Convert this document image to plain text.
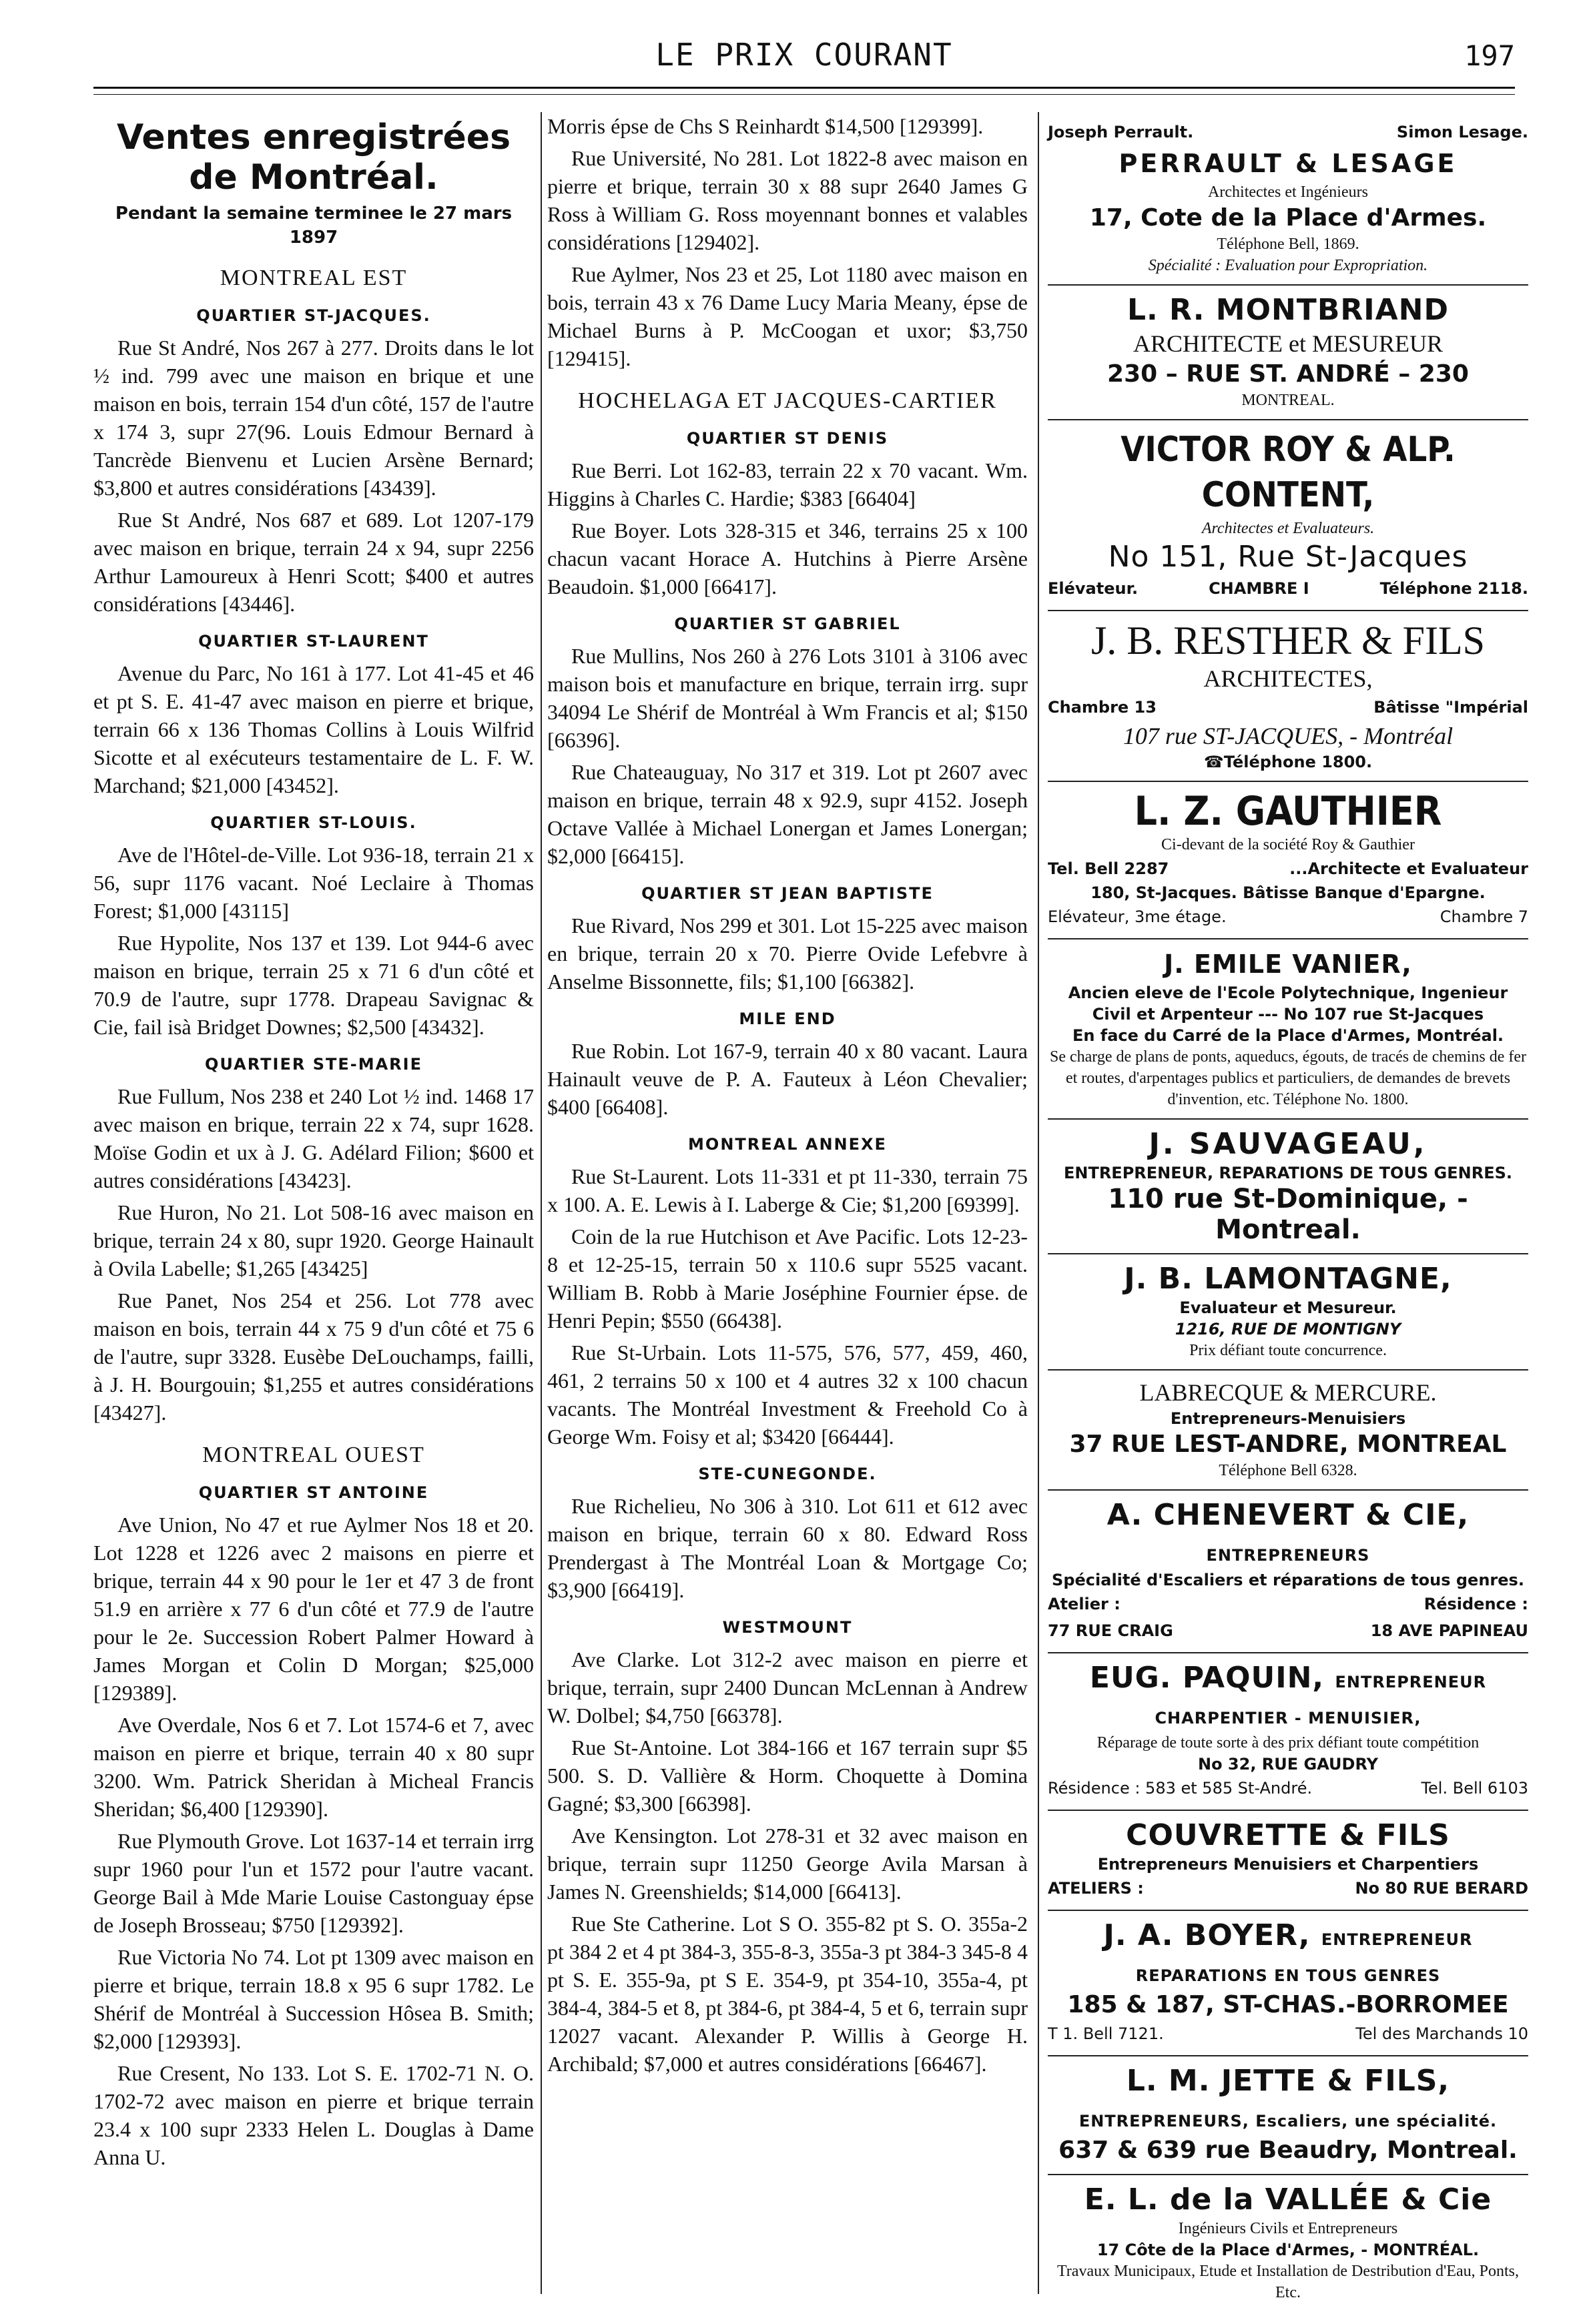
LE PRIX COURANT	197
Ventes enregistrées de Montréal.
Pendant la semaine terminee le 27 mars 1897
MONTREAL EST
QUARTIER ST-JACQUES.

Rue St André, Nos 267 à 277. Droits dans le lot ½ ind. 799 avec une maison en brique et une maison en bois, terrain 154 d'un côté, 157 de l'autre x 174 3, supr 27(96. Louis Edmour Bernard à Tancrède Bienvenu et Lucien Arsène Bernard; $3,800 et autres considérations [43439].

Rue St André, Nos 687 et 689. Lot 1207-179 avec maison en brique, terrain 24 x 94, supr 2256 Arthur Lamoureux à Henri Scott; $400 et autres considérations [43446].

QUARTIER ST-LAURENT

Avenue du Parc, No 161 à 177. Lot 41-45 et 46 et pt S. E. 41-47 avec maison en pierre et brique, terrain 66 x 136 Thomas Collins à Louis Wilfrid Sicotte et al exécuteurs testamentaire de L. F. W. Marchand; $21,000 [43452].

QUARTIER ST-LOUIS.

Ave de l'Hôtel-de-Ville. Lot 936-18, terrain 21 x 56, supr 1176 vacant. Noé Leclaire à Thomas Forest; $1,000 [43115]

Rue Hypolite, Nos 137 et 139. Lot 944-6 avec maison en brique, terrain 25 x 71 6 d'un côté et 70.9 de l'autre, supr 1778. Drapeau Savignac & Cie, fail isà Bridget Downes; $2,500 [43432].

QUARTIER STE-MARIE

Rue Fullum, Nos 238 et 240 Lot ½ ind. 1468 17 avec maison en brique, terrain 22 x 74, supr 1628. Moïse Godin et ux à J. G. Adélard Filion; $600 et autres considérations [43423].

Rue Huron, No 21. Lot 508-16 avec maison en brique, terrain 24 x 80, supr 1920. George Hainault à Ovila Labelle; $1,265 [43425]

Rue Panet, Nos 254 et 256. Lot 778 avec maison en bois, terrain 44 x 75 9 d'un côté et 75 6 de l'autre, supr 3328. Eusèbe DeLouchamps, failli, à J. H. Bourgouin; $1,255 et autres considérations [43427].

MONTREAL OUEST
QUARTIER ST ANTOINE

Ave Union, No 47 et rue Aylmer Nos 18 et 20. Lot 1228 et 1226 avec 2 maisons en pierre et brique, terrain 44 x 90 pour le 1er et 47 3 de front 51.9 en arrière x 77 6 d'un côté et 77.9 de l'autre pour le 2e. Succession Robert Palmer Howard à James Morgan et Colin D Morgan; $25,000 [129389].

Ave Overdale, Nos 6 et 7. Lot 1574-6 et 7, avec maison en pierre et brique, terrain 40 x 80 supr 3200. Wm. Patrick Sheridan à Micheal Francis Sheridan; $6,400 [129390].

Rue Plymouth Grove. Lot 1637-14 et terrain irrg supr 1960 pour l'un et 1572 pour l'autre vacant. George Bail à Mde Marie Louise Castonguay épse de Joseph Brosseau; $750 [129392].

Rue Victoria No 74. Lot pt 1309 avec maison en pierre et brique, terrain 18.8 x 95 6 supr 1782. Le Shérif de Montréal à Succession Hôsea B. Smith; $2,000 [129393].

Rue Cresent, No 133. Lot S. E. 1702-71 N. O. 1702-72 avec maison en pierre et brique terrain 23.4 x 100 supr 2333 Helen L. Douglas à Dame Anna U.

Morris épse de Chs S Reinhardt $14,500 [129399].

Rue Université, No 281. Lot 1822-8 avec maison en pierre et brique, terrain 30 x 88 supr 2640 James G Ross à William G. Ross moyennant bonnes et valables considérations [129402].

Rue Aylmer, Nos 23 et 25, Lot 1180 avec maison en bois, terrain 43 x 76 Dame Lucy Maria Meany, épse de Michael Burns à P. McCoogan et uxor; $3,750 [129415].

HOCHELAGA ET JACQUES-CARTIER
QUARTIER ST DENIS

Rue Berri. Lot 162-83, terrain 22 x 70 vacant. Wm. Higgins à Charles C. Hardie; $383 [66404]

Rue Boyer. Lots 328-315 et 346, terrains 25 x 100 chacun vacant Horace A. Hutchins à Pierre Arsène Beaudoin. $1,000 [66417].

QUARTIER ST GABRIEL

Rue Mullins, Nos 260 à 276 Lots 3101 à 3106 avec maison bois et manufacture en brique, terrain irrg. supr 34094 Le Shérif de Montréal à Wm Francis et al; $150 [66396].

Rue Chateauguay, No 317 et 319. Lot pt 2607 avec maison en brique, terrain 48 x 92.9, supr 4152. Joseph Octave Vallée à Michael Lonergan et James Lonergan; $2,000 [66415].

QUARTIER ST JEAN BAPTISTE

Rue Rivard, Nos 299 et 301. Lot 15-225 avec maison en brique, terrain 20 x 70. Pierre Ovide Lefebvre à Anselme Bissonnette, fils; $1,100 [66382].

MILE END

Rue Robin. Lot 167-9, terrain 40 x 80 vacant. Laura Hainault veuve de P. A. Fauteux à Léon Chevalier; $400 [66408].

MONTREAL ANNEXE

Rue St-Laurent. Lots 11-331 et pt 11-330, terrain 75 x 100. A. E. Lewis à I. Laberge & Cie; $1,200 [69399].

Coin de la rue Hutchison et Ave Pacific. Lots 12-23-8 et 12-25-15, terrain 50 x 110.6 supr 5525 vacant. William B. Robb à Marie Joséphine Fournier épse. de Henri Pepin; $550 (66438].

Rue St-Urbain. Lots 11-575, 576, 577, 459, 460, 461, 2 terrains 50 x 100 et 4 autres 32 x 100 chacun vacants. The Montréal Investment & Freehold Co à George Wm. Foisy et al; $3420 [66444].

STE-CUNEGONDE.

Rue Richelieu, No 306 à 310. Lot 611 et 612 avec maison en brique, terrain 60 x 80. Edward Ross Prendergast à The Montréal Loan & Mortgage Co; $3,900 [66419].

WESTMOUNT

Ave Clarke. Lot 312-2 avec maison en pierre et brique, terrain, supr 2400 Duncan McLennan à Andrew W. Dolbel; $4,750 [66378].

Rue St-Antoine. Lot 384-166 et 167 terrain supr $5 500. S. D. Vallière & Horm. Choquette à Domina Gagné; $3,300 [66398].

Ave Kensington. Lot 278-31 et 32 avec maison en brique, terrain supr 11250 George Avila Marsan à James N. Greenshields; $14,000 [66413].

Rue Ste Catherine. Lot S O. 355-82 pt S. O. 355a-2 pt 384 2 et 4 pt 384-3, 355-8-3, 355a-3 pt 384-3 345-8 4 pt S. E. 355-9a, pt S E. 354-9, pt 354-10, 355a-4, pt 384-4, 384-5 et 8, pt 384-6, pt 384-4, 5 et 6, terrain supr 12027 vacant. Alexander P. Willis à George H. Archibald; $7,000 et autres considérations [66467].

Joseph Perrault.	Simon Lesage.
PERRAULT & LESAGE
Architectes et Ingénieurs
17, Cote de la Place d'Armes.
Téléphone Bell, 1869.
Spécialité : Evaluation pour Expropriation.
L. R. MONTBRIAND
ARCHITECTE et MESUREUR
230 – RUE ST. ANDRÉ – 230
MONTREAL.
VICTOR ROY & ALP. CONTENT,
Architectes et Evaluateurs.
No 151, Rue St-Jacques
Elévateur.	CHAMBRE I	Téléphone 2118.
J. B. RESTHER & FILS
ARCHITECTES,
Chambre 13	Bâtisse "Impérial
107 rue ST-JACQUES, - Montréal
☎Téléphone 1800.
L. Z. GAUTHIER
Ci-devant de la société Roy & Gauthier
Tel. Bell 2287	...Architecte et Evaluateur
180, St-Jacques. Bâtisse Banque d'Epargne.
Elévateur, 3me étage.	Chambre 7
J. EMILE VANIER,
Ancien eleve de l'Ecole Polytechnique, Ingenieur Civil et Arpenteur --- No 107 rue St-Jacques
En face du Carré de la Place d'Armes, Montréal.
Se charge de plans de ponts, aqueducs, égouts, de tracés de chemins de fer et routes, d'arpentages publics et particuliers, de demandes de brevets d'invention, etc. Téléphone No. 1800.
J. SAUVAGEAU,
ENTREPRENEUR, REPARATIONS DE TOUS GENRES.
110 rue St-Dominique, - Montreal.
J. B. LAMONTAGNE,
Evaluateur et Mesureur.
1216, RUE DE MONTIGNY
Prix défiant toute concurrence.
LABRECQUE & MERCURE.
Entrepreneurs-Menuisiers
37 RUE LEST-ANDRE, MONTREAL
Téléphone Bell 6328.
A. CHENEVERT & CIE, ENTREPRENEURS
Spécialité d'Escaliers et réparations de tous genres.
Atelier :	Résidence :
77 RUE CRAIG	18 AVE PAPINEAU
EUG. PAQUIN, ENTREPRENEUR CHARPENTIER - MENUISIER,
Réparage de toute sorte à des prix défiant toute compétition
No 32, RUE GAUDRY
Résidence : 583 et 585 St-André.	Tel. Bell 6103
COUVRETTE & FILS
Entrepreneurs Menuisiers et Charpentiers
ATELIERS :	No 80 RUE BERARD
J. A. BOYER, ENTREPRENEUR REPARATIONS EN TOUS GENRES
185 & 187, ST-CHAS.-BORROMEE
T 1. Bell 7121.	Tel des Marchands 10
L. M. JETTE & FILS, ENTREPRENEURS, Escaliers, une spécialité.
637 & 639 rue Beaudry, Montreal.
E. L. de la VALLÉE & Cie
Ingénieurs Civils et Entrepreneurs
17 Côte de la Place d'Armes, - MONTRÉAL.
Travaux Municipaux, Etude et Installation de Destribution d'Eau, Ponts, Etc.
